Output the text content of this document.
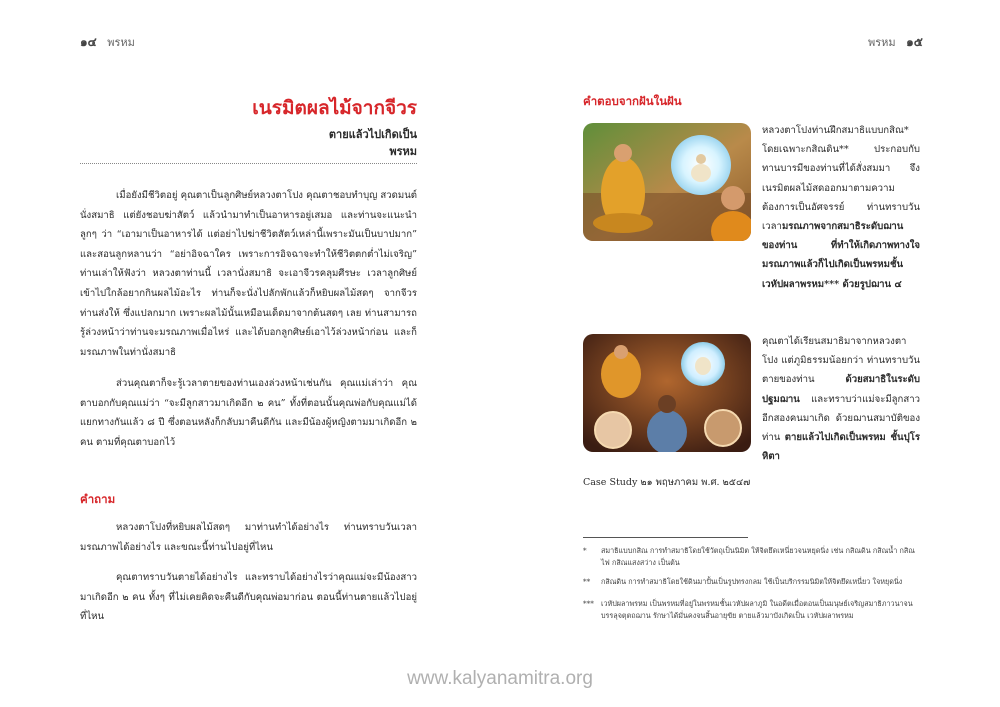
๑๔ พรหม
เนรมิตผลไม้จากจีวร
ตายแล้วไปเกิดเป็น
พรหม

เมื่อยังมีชีวิตอยู่ คุณตาเป็นลูกศิษย์หลวงตาโปง คุณตาชอบทำบุญ สวดมนต์ นั่งสมาธิ แต่ยังชอบฆ่าสัตว์ แล้วนำมาทำเป็นอาหารอยู่เสมอ และท่านจะแนะนำลูกๆ ว่า “เอามาเป็นอาหารได้ แต่อย่าไปฆ่าชีวิตสัตว์เหล่านี้เพราะมันเป็นบาปมาก” และสอนลูกหลานว่า “อย่าอิจฉาใคร เพราะการอิจฉาจะทำให้ชีวิตตกต่ำไม่เจริญ” ท่านเล่าให้ฟังว่า หลวงตาท่านนี้ เวลานั่งสมาธิ จะเอาจีวรคลุมศีรษะ เวลาลูกศิษย์เข้าไปใกล้อยากกินผลไม้อะไร ท่านก็จะนั่งไปลักพักแล้วก็หยิบผลไม้สดๆ จากจีวรท่านส่งให้ ซึ่งแปลกมาก เพราะผลไม้นั้นเหมือนเด็ดมาจากต้นสดๆ เลย ท่านสามารถรู้ล่วงหน้าว่าท่านจะมรณภาพเมื่อไหร่ และได้บอกลูกศิษย์เอาไว้ล่วงหน้าก่อน และก็มรณภาพในท่านั่งสมาธิ

ส่วนคุณตาก็จะรู้เวลาตายของท่านเองล่วงหน้าเช่นกัน คุณแม่เล่าว่า คุณตาบอกกับคุณแม่ว่า “จะมีลูกสาวมาเกิดอีก ๒ คน” ทั้งที่ตอนนั้นคุณพ่อกับคุณแม่ได้แยกทางกันแล้ว ๘ ปี ซึ่งตอนหลังก็กลับมาคืนดีกัน และมีน้องผู้หญิงตามมาเกิดอีก ๒ คน ตามที่คุณตาบอกไว้

คำถาม

หลวงตาโปงที่หยิบผลไม้สดๆ มาท่านทำได้อย่างไร ท่านทราบวันเวลามรณภาพได้อย่างไร และขณะนี้ท่านไปอยู่ที่ไหน

คุณตาทราบวันตายได้อย่างไร และทราบได้อย่างไรว่าคุณแม่จะมีน้องสาวมาเกิดอีก ๒ คน ทั้งๆ ที่ไม่เคยคิดจะคืนดีกับคุณพ่อมาก่อน ตอนนี้ท่านตายแล้วไปอยู่ที่ไหน

พรหม ๑๕
คำตอบจากฝันในฝัน

หลวงตาโปงท่านฝึกสมาธิแบบกสิณ* โดยเฉพาะกสิณดิน** ประกอบกับทานบารมีของท่านที่ได้สั่งสมมา จึงเนรมิตผลไม้สดออกมาตามความต้องการเป็นอัศจรรย์ ท่านทราบวันเวลามรณภาพจากสมาธิระดับฌานของท่าน ที่ทำให้เกิดภาพทางใจมรณภาพแล้วก็ไปเกิดเป็นพรหมชั้นเวหัปผลาพรหม*** ด้วยรูปฌาน ๔

คุณตาได้เรียนสมาธิมาจากหลวงตาโปง แต่ภูมิธรรมน้อยกว่า ท่านทราบวันตายของท่าน	ด้วยสมาธิในระดับปฐมฌาน และทราบว่าแม่จะมีลูกสาวอีกสองคนมาเกิด ด้วยฌานสมาบัติของท่าน ตายแล้วไปเกิดเป็นพรหม ชั้นปุโรหิตา

Case Study ๒๑ พฤษภาคม พ.ศ. ๒๕๔๗
*	สมาธิแบบกสิณ การทำสมาธิโดยใช้วัตถุเป็นนิมิต ให้จิตยึดเหนี่ยวจนหยุดนิ่ง เช่น กสิณดิน กสิณน้ำ กสิณไฟ กสิณแสงสว่าง เป็นต้น
**	กสิณดิน การทำสมาธิโดยใช้ดินมาปั้นเป็นรูปทรงกลม ใช้เป็นบริกรรมนิมิตให้จิตยึดเหนี่ยว ใจหยุดนิ่ง
***	เวหัปผลาพรหม เป็นพรหมที่อยู่ในพรหมชั้นเวหัปผลาภูมิ ในอดีตเมื่อตอนเป็นมนุษย์เจริญสมาธิภาวนาจนบรรลุจตุตถฌาน รักษาได้มั่นคงจนสิ้นอายุขัย ตายแล้วมาบังเกิดเป็น เวหัปผลาพรหม
www.kalyanamitra.org
